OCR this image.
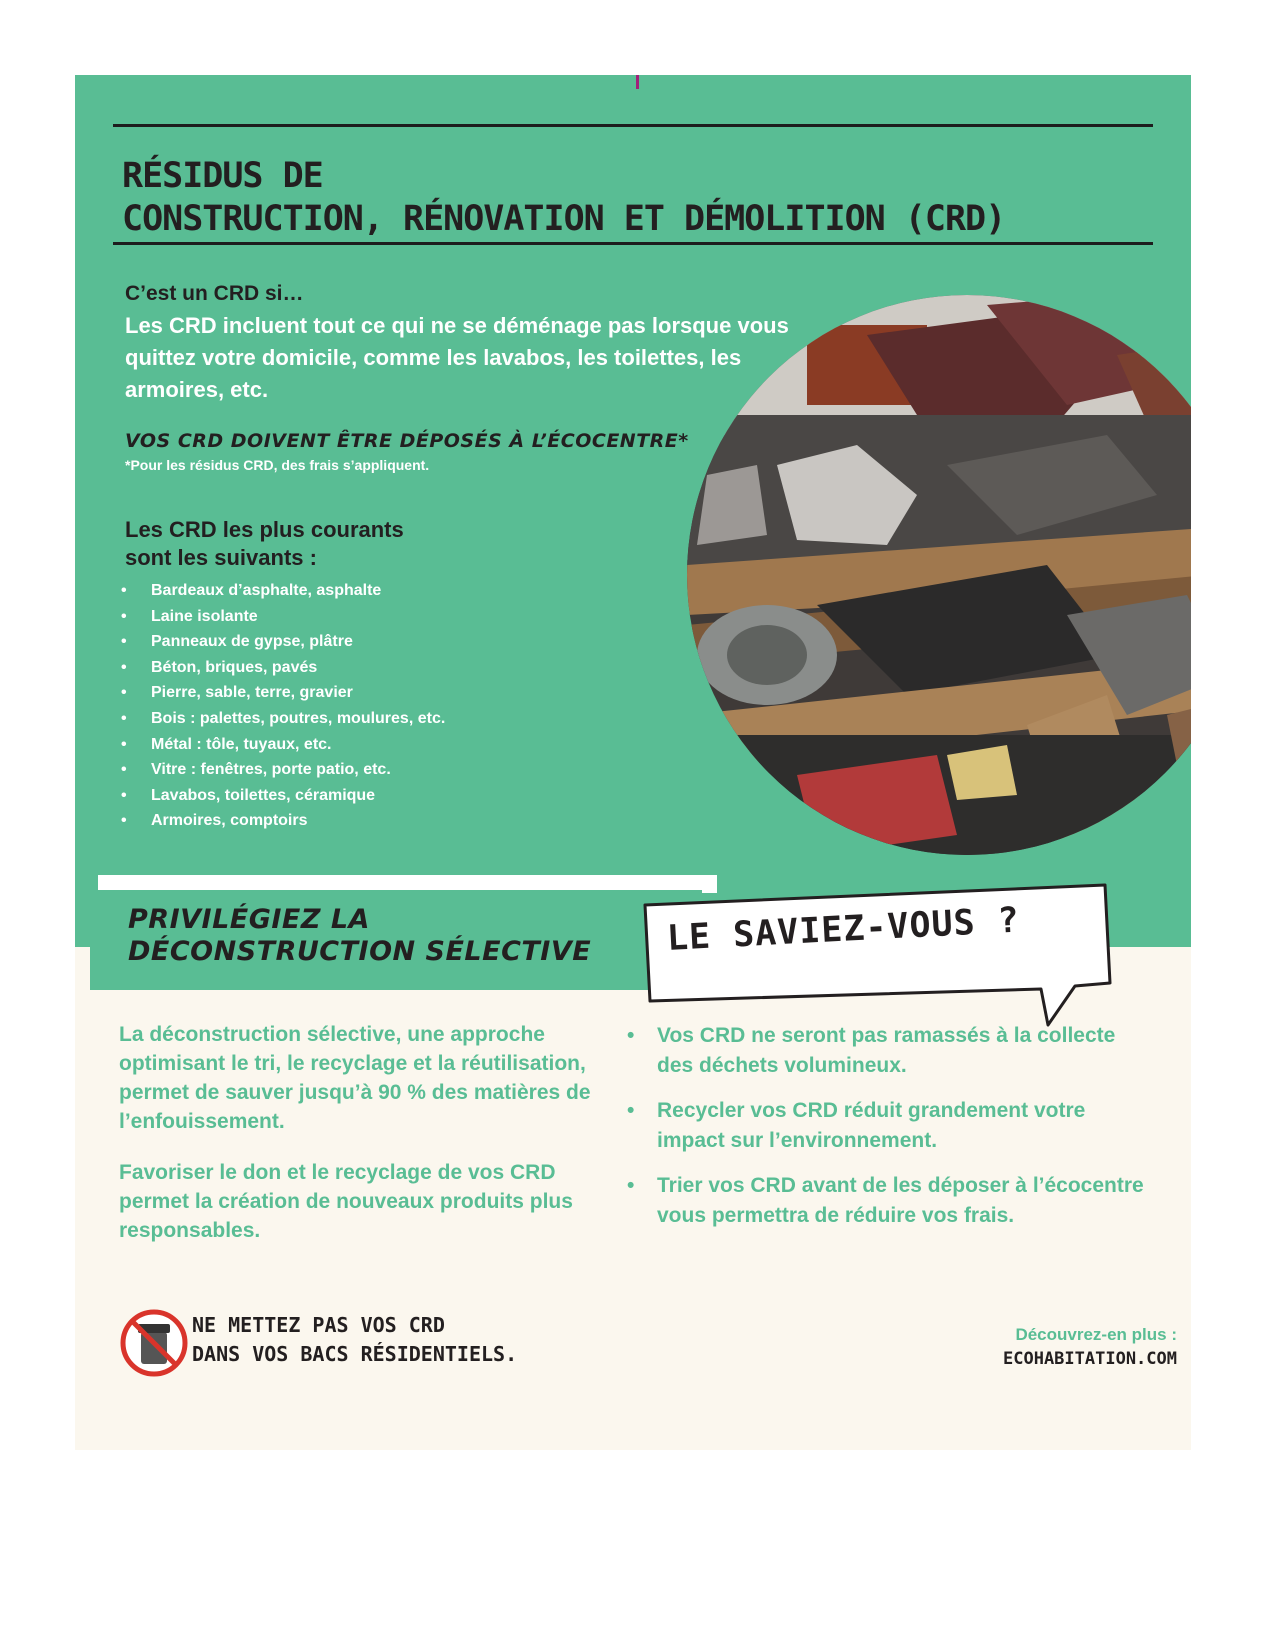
RÉSIDUS DE
CONSTRUCTION, RÉNOVATION ET DÉMOLITION (CRD)

C’est un CRD si…

Les CRD incluent tout ce qui ne se déménage pas lorsque vous quittez votre domicile, comme les lavabos, les toilettes, les armoires, etc.

VOS CRD DOIVENT ÊTRE DÉPOSÉS À L’ÉCOCENTRE*
*Pour les résidus CRD, des frais s’appliquent.
Les CRD les plus courants
sont les suivants :
• Bardeaux d’asphalte, asphalte
• Laine isolante
• Panneaux de gypse, plâtre
• Béton, briques, pavés
• Pierre, sable, terre, gravier
• Bois : palettes, poutres, moulures, etc.
• Métal : tôle, tuyaux, etc.
• Vitre : fenêtres, porte patio, etc.
• Lavabos, toilettes, céramique
• Armoires, comptoirs
PRIVILÉGIEZ LA
DÉCONSTRUCTION SÉLECTIVE LE SAVIEZ-VOUS ?

La déconstruction sélective, une approche optimisant le tri, le recyclage et la réutilisation, permet de sauver jusqu’à 90 % des matières de l’enfouissement.

Favoriser le don et le recyclage de vos CRD permet la création de nouveaux produits plus responsables.

• Vos CRD ne seront pas ramassés à la collecte des déchets volumineux.
• Recycler vos CRD réduit grandement votre impact sur l’environnement.
• Trier vos CRD avant de les déposer à l’écocentre vous permettra de réduire vos frais.
NE METTEZ PAS VOS CRD
DANS VOS BACS RÉSIDENTIELS.
Découvrez-en plus :
ECOHABITATION.COM
